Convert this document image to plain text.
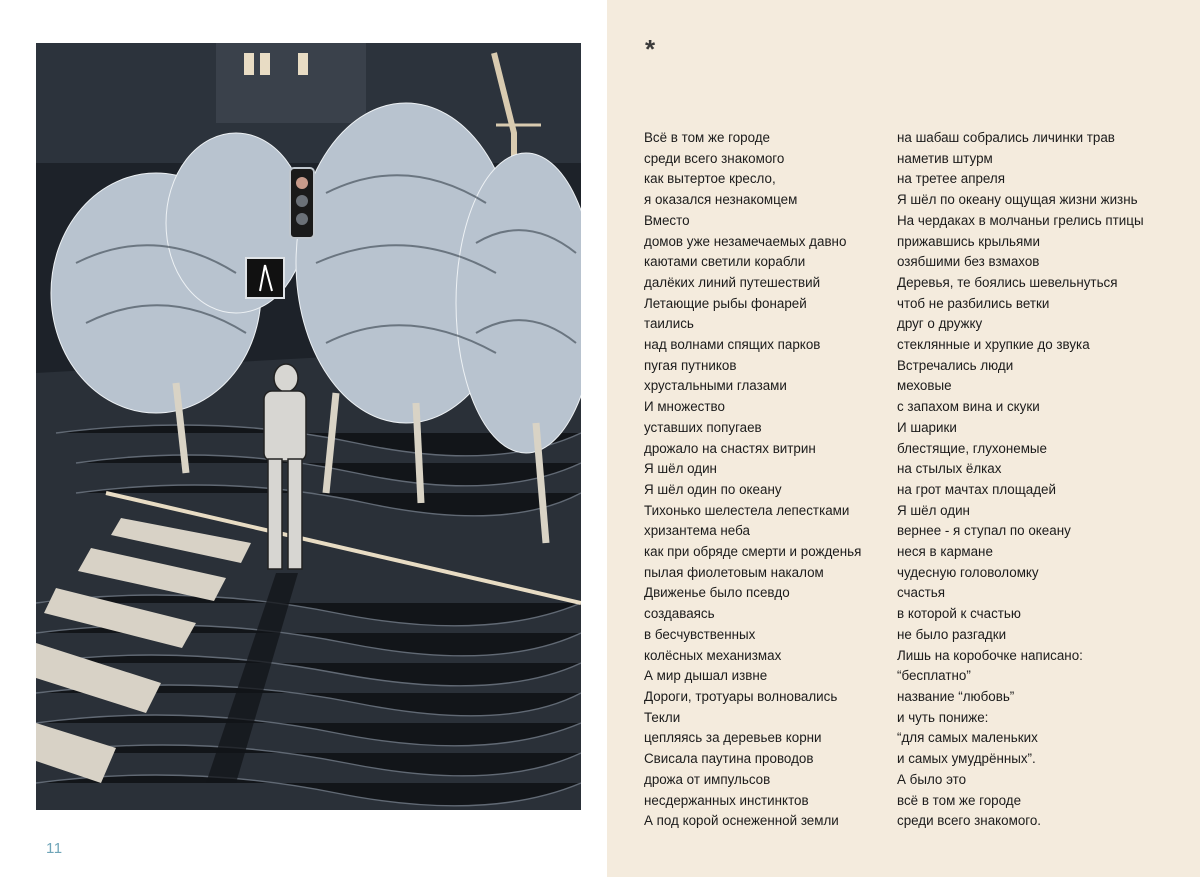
11
*
Всё в том же городе
среди всего знакомого
как вытертое кресло,
я оказался незнакомцем
Вместо
домов уже незамечаемых давно
каютами светили корабли
далёких линий путешествий
Летающие рыбы фонарей
таились
над волнами спящих парков
пугая путников
хрустальными глазами
И множество
уставших попугаев
дрожало на снастях витрин
Я шёл один
Я шёл один по океану
Тихонько шелестела лепестками
хризантема неба
как при обряде смерти и рожденья
пылая фиолетовым накалом
Движенье было псевдо
создаваясь
в бесчувственных
колёсных механизмах
А мир дышал извне
Дороги, тротуары волновались
Текли
цепляясь за деревьев корни
Свисала паутина проводов
дрожа от импульсов
несдержанных инстинктов
А под корой оснеженной земли
на шабаш собрались личинки трав
наметив штурм
на третее апреля
Я шёл по океану ощущая жизни жизнь
На чердаках в молчаньи грелись птицы
прижавшись крыльями
озябшими без взмахов
Деревья, те боялись шевельнуться
чтоб не разбились ветки
друг о дружку
стеклянные и хрупкие до звука
Встречались люди
меховые
с запахом вина и скуки
И шарики
блестящие, глухонемые
на стылых ёлках
на грот мачтах площадей
Я шёл один
вернее - я ступал по океану
неся в кармане
чудесную головоломку
счастья
в которой к счастью
не было разгадки
Лишь на коробочке написано:
“бесплатно”
название “любовь”
и чуть пониже:
“для самых маленьких
и самых умудрённых”.
А было это
всё в том же городе
среди всего знакомого.
